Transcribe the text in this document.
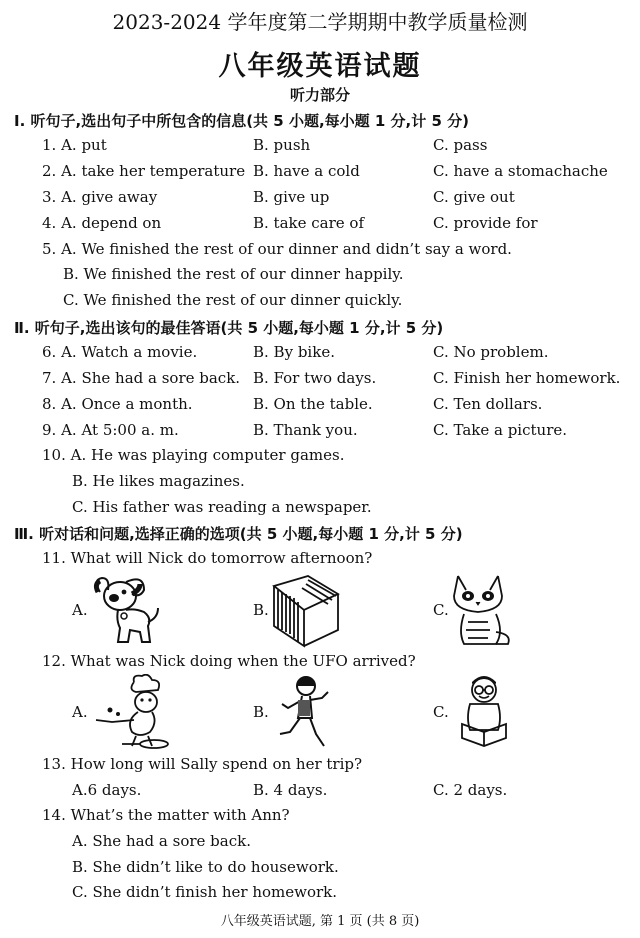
2023-2024 学年度第二学期期中教学质量检测
八年级英语试题
听力部分
Ⅰ. 听句子,选出句子中所包含的信息(共 5 小题,每小题 1 分,计 5 分)
1. A. put	B. push	C. pass
2. A. take her temperature B. have a cold	C. have a stomachache
3. A. give away	B. give up	C. give out
4. A. depend on	B. take care of	C. provide for
5. A. We finished the rest of our dinner and didn’t say a word.
B. We finished the rest of our dinner happily.
C. We finished the rest of our dinner quickly.
Ⅱ. 听句子,选出该句的最佳答语(共 5 小题,每小题 1 分,计 5 分)
6. A. Watch a movie.	B. By bike.	C. No problem.
7. A. She had a sore back. B. For two days.	C. Finish her homework.
8. A. Once a month.	B. On the table.	C. Ten dollars.
9. A. At 5:00 a. m.	B. Thank you.	C. Take a picture.
10. A. He was playing computer games.
B. He likes magazines.
C. His father was reading a newspaper.
Ⅲ. 听对话和问题,选择正确的选项(共 5 小题,每小题 1 分,计 5 分)
11. What will Nick do tomorrow afternoon?
A.	B.	C.
12. What was Nick doing when the UFO arrived?
A.	B.	C.
13. How long will Sally spend on her trip?
A.6 days.	B. 4 days.	C. 2 days.
14. What’s the matter with Ann?
A. She had a sore back.
B. She didn’t like to do housework.
C. She didn’t finish her homework.
八年级英语试题, 第 1 页 (共 8 页)
